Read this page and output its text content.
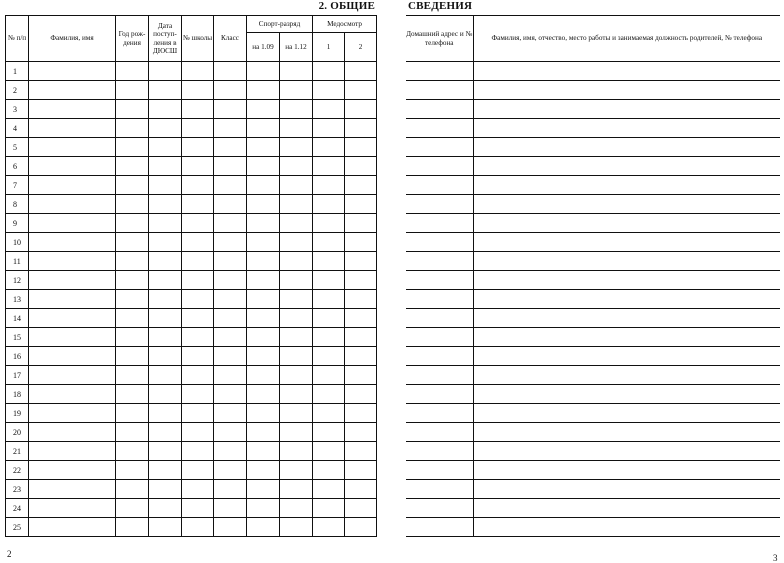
2. ОБЩИЕ	СВЕДЕНИЯ
№ п/п	Фамилия, имя	Год рож-дения	Дата поступ-ления в ДЮСШ	№ школы	Класс	Спорт-разряд		Медосмотр	
						на 1.09	на 1.12	1	2
1									
2									
3									
4									
5									
6									
7									
8									
9									
10									
11									
12									
13									
14									
15									
16									
17									
18									
19									
20									
21									
22									
23									
24									
25									
Домашний адрес и № телефона	Фамилия, имя, отчество, место работы и занимаемая должность родителей, № телефона

2	3
